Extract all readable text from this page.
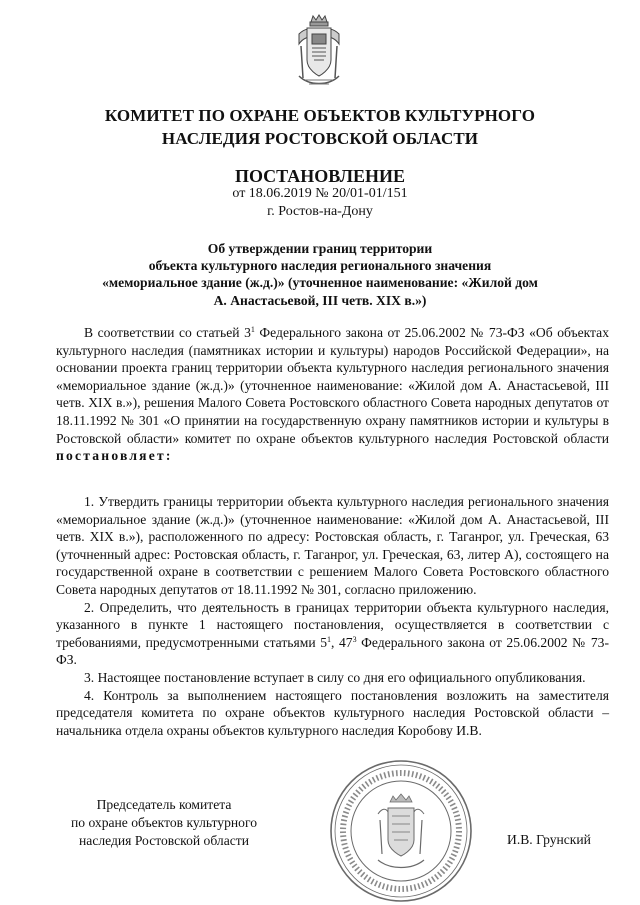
КОМИТЕТ ПО ОХРАНЕ ОБЪЕКТОВ КУЛЬТУРНОГО
НАСЛЕДИЯ РОСТОВСКОЙ ОБЛАСТИ
ПОСТАНОВЛЕНИЕ
от 18.06.2019 № 20/01-01/151
г. Ростов-на-Дону
Об утверждении границ территории
объекта культурного наследия регионального значения
«мемориальное здание (ж.д.)» (уточненное наименование: «Жилой дом
А. Анастасьевой, III четв. XIX в.»)

В соответствии со статьей $3^1$ Федерального закона от 25.06.2002 № 73-ФЗ «Об объектах культурного наследия (памятниках истории и культуры) народов Российской Федерации», на основании проекта границ территории объекта культурного наследия регионального значения «мемориальное здание (ж.д.)» (уточненное наименование: «Жилой дом А. Анастасьевой, III четв. XIX в.»), решения Малого Совета Ростовского областного Совета народных депутатов от 18.11.1992 № 301 «О принятии на государственную охрану памятников истории и культуры в Ростовской области» комитет по охране объектов культурного наследия Ростовской области постановляет:

1. Утвердить границы территории объекта культурного наследия регионального значения «мемориальное здание (ж.д.)» (уточненное наименование: «Жилой дом А. Анастасьевой, III четв. XIX в.»), расположенного по адресу: Ростовская область, г. Таганрог, ул. Греческая, 63 (уточненный адрес: Ростовская область, г. Таганрог, ул. Греческая, 63, литер А), состоящего на государственной охране в соответствии с решением Малого Совета Ростовского областного Совета народных депутатов от 18.11.1992 № 301, согласно приложению.

2. Определить, что деятельность в границах территории объекта культурного наследия, указанного в пункте 1 настоящего постановления, осуществляется в соответствии с требованиями, предусмотренными статьями $5^1$, $47^3$ Федерального закона от 25.06.2002 № 73-ФЗ.

3. Настоящее постановление вступает в силу со дня его официального опубликования.

4. Контроль за выполнением настоящего постановления возложить на заместителя председателя комитета по охране объектов культурного наследия Ростовской области – начальника отдела охраны объектов культурного наследия Коробову И.В.

Председатель комитета
по охране объектов культурного
наследия Ростовской области	И.В. Грунский
